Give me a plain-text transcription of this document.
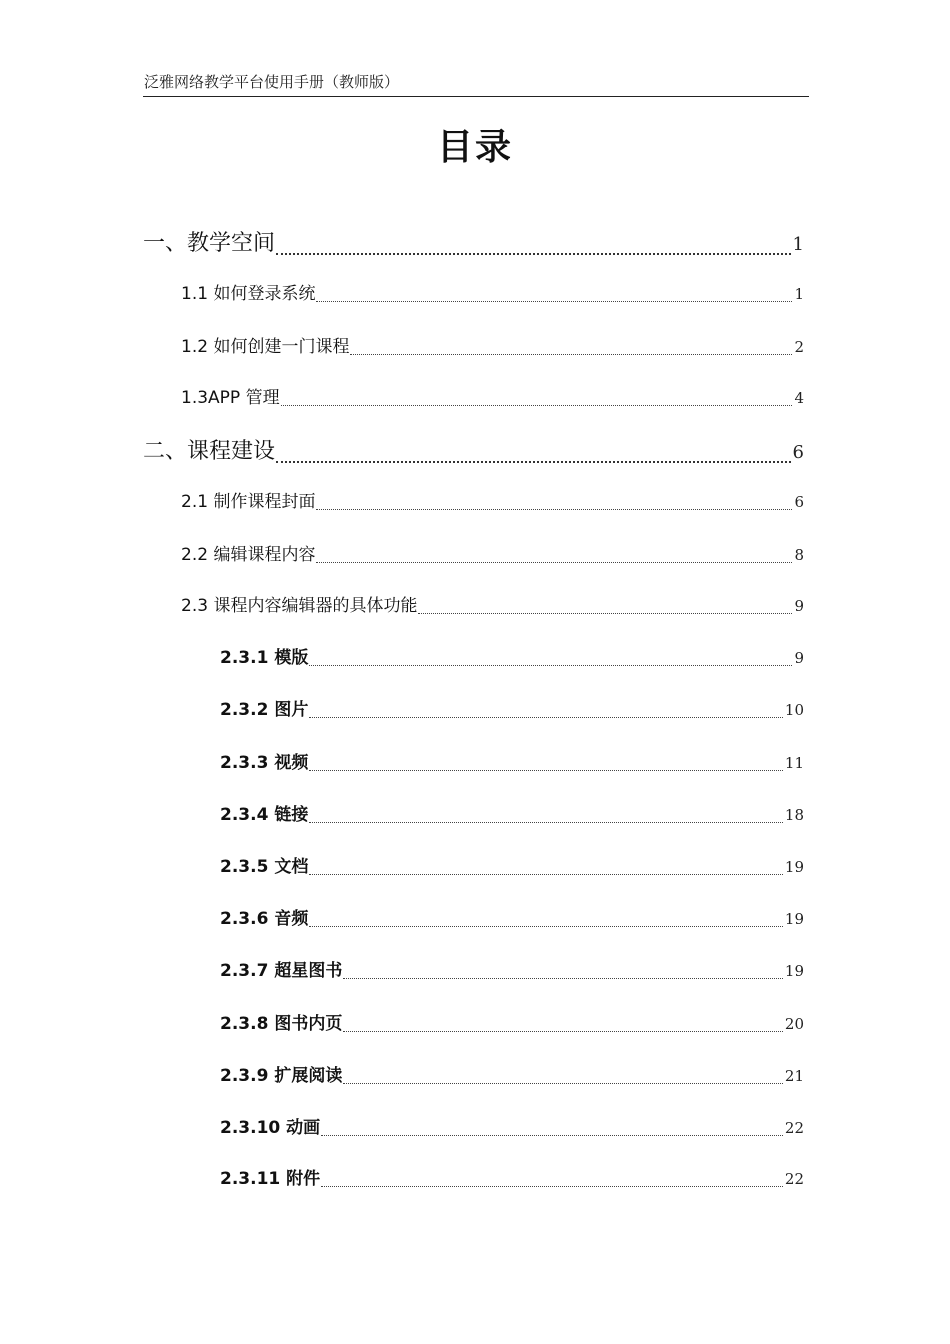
泛雅网络教学平台使用手册（教师版）
目录
一、教学空间	1
1.1 如何登录系统	1
1.2 如何创建一门课程	2
1.3APP 管理	4
二、课程建设	6
2.1 制作课程封面	6
2.2 编辑课程内容	8
2.3 课程内容编辑器的具体功能	9
2.3.1 模版	9
2.3.2 图片	10
2.3.3 视频	11
2.3.4 链接	18
2.3.5 文档	19
2.3.6 音频	19
2.3.7 超星图书	19
2.3.8 图书内页	20
2.3.9 扩展阅读	21
2.3.10 动画	22
2.3.11 附件	22
